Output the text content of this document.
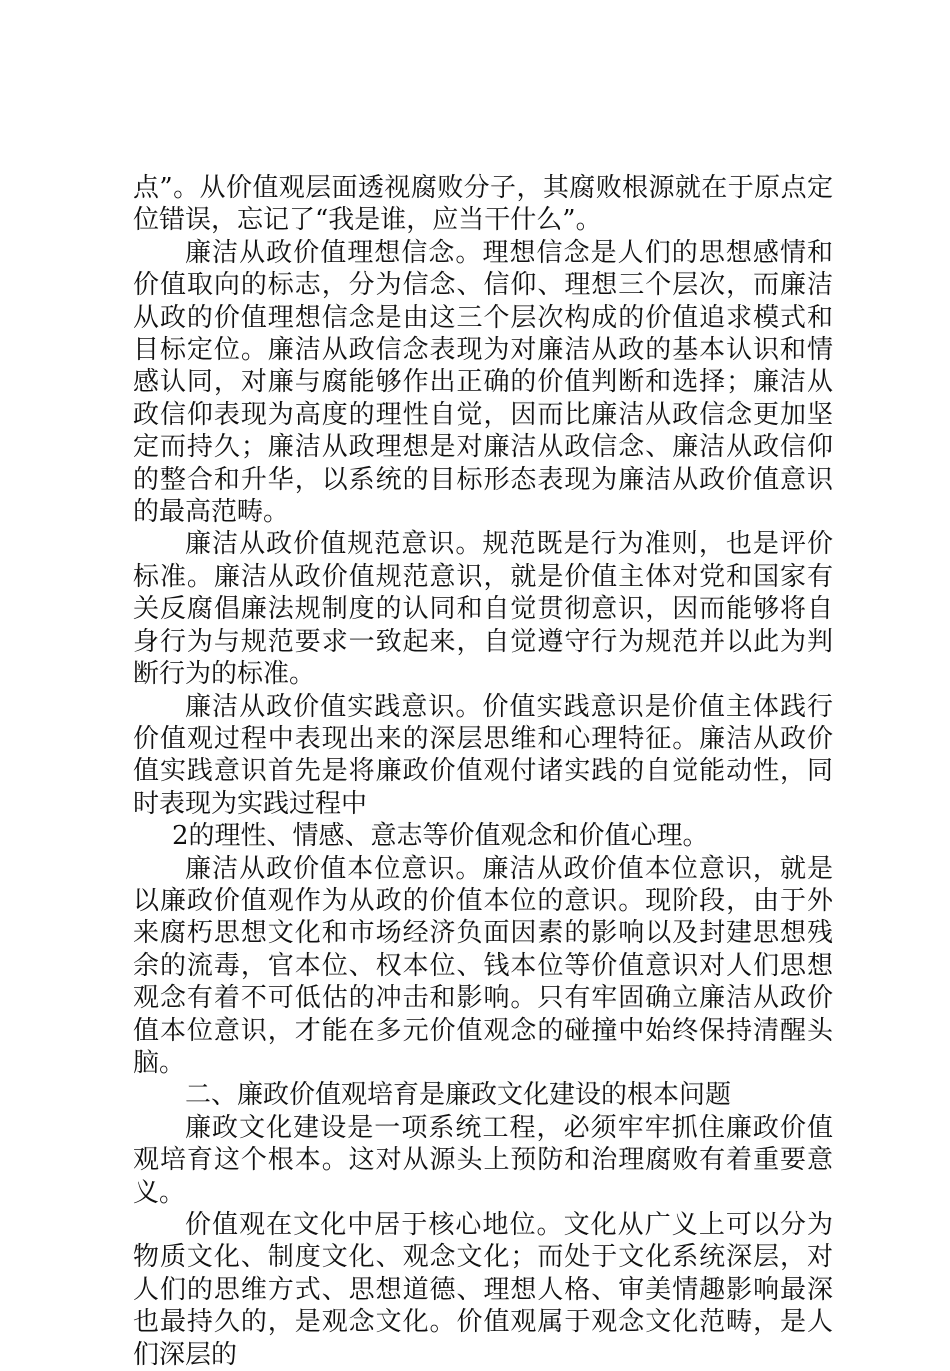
点”。从价值观层面透视腐败分子，其腐败根源就在于原点定位错误，忘记了“我是谁，应当干什么”。

廉洁从政价值理想信念。理想信念是人们的思想感情和价值取向的标志，分为信念、信仰、理想三个层次，而廉洁从政的价值理想信念是由这三个层次构成的价值追求模式和目标定位。廉洁从政信念表现为对廉洁从政的基本认识和情感认同，对廉与腐能够作出正确的价值判断和选择；廉洁从政信仰表现为高度的理性自觉，因而比廉洁从政信念更加坚定而持久；廉洁从政理想是对廉洁从政信念、廉洁从政信仰的整合和升华，以系统的目标形态表现为廉洁从政价值意识的最高范畴。

廉洁从政价值规范意识。规范既是行为准则，也是评价标准。廉洁从政价值规范意识，就是价值主体对党和国家有关反腐倡廉法规制度的认同和自觉贯彻意识，因而能够将自身行为与规范要求一致起来，自觉遵守行为规范并以此为判断行为的标准。

廉洁从政价值实践意识。价值实践意识是价值主体践行价值观过程中表现出来的深层思维和心理特征。廉洁从政价值实践意识首先是将廉政价值观付诸实践的自觉能动性，同时表现为实践过程中

2的理性、情感、意志等价值观念和价值心理。

廉洁从政价值本位意识。廉洁从政价值本位意识，就是以廉政价值观作为从政的价值本位的意识。现阶段，由于外来腐朽思想文化和市场经济负面因素的影响以及封建思想残余的流毒，官本位、权本位、钱本位等价值意识对人们思想观念有着不可低估的冲击和影响。只有牢固确立廉洁从政价值本位意识，才能在多元价值观念的碰撞中始终保持清醒头脑。

二、廉政价值观培育是廉政文化建设的根本问题

廉政文化建设是一项系统工程，必须牢牢抓住廉政价值观培育这个根本。这对从源头上预防和治理腐败有着重要意义。

价值观在文化中居于核心地位。文化从广义上可以分为物质文化、制度文化、观念文化；而处于文化系统深层，对人们的思维方式、思想道德、理想人格、审美情趣影响最深也最持久的，是观念文化。价值观属于观念文化范畴，是人们深层的
